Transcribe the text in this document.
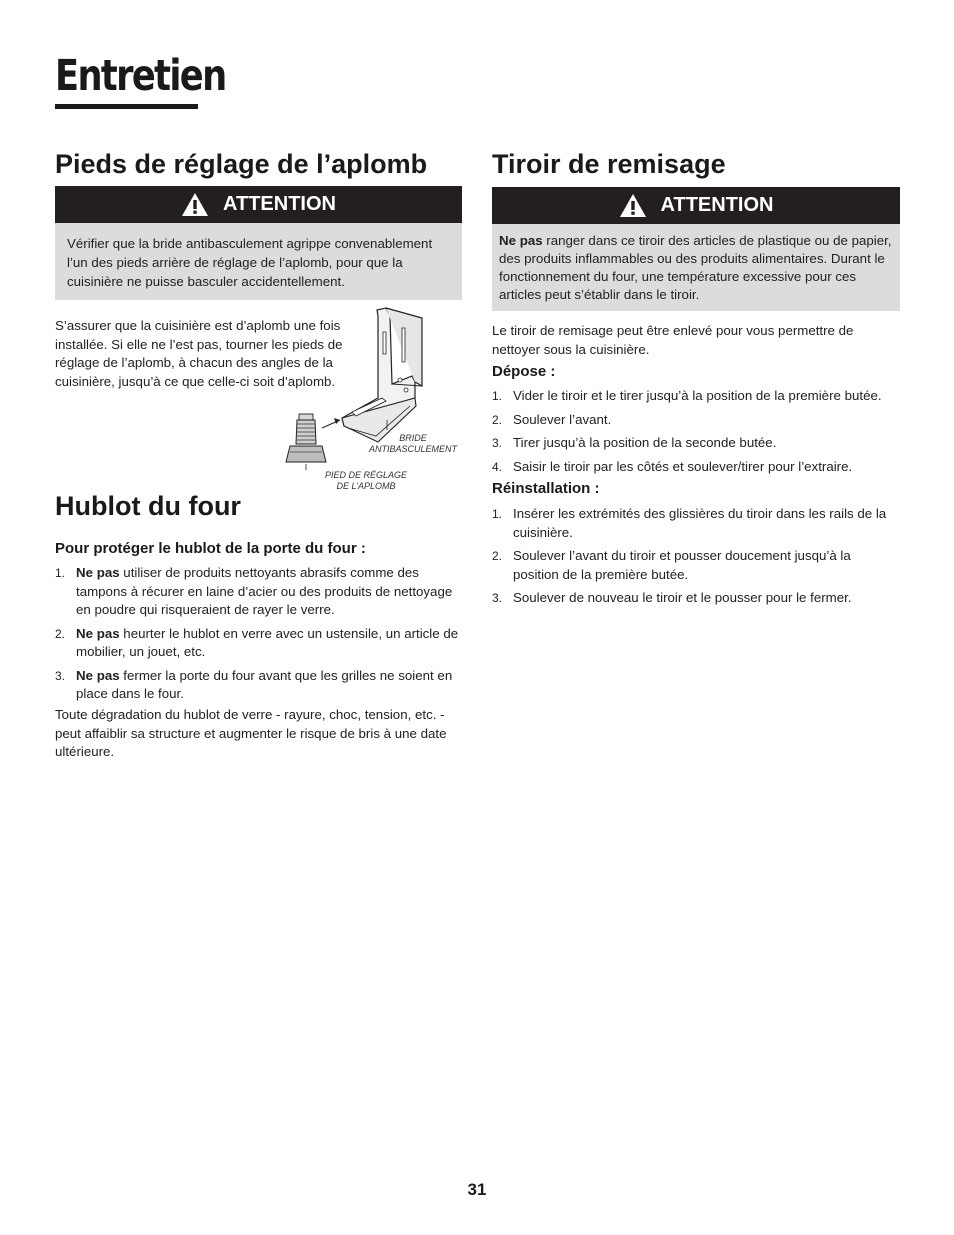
Entretien
Pieds de réglage de l’aplomb
ATTENTION
Vérifier que la bride antibasculement agrippe convenablement l’un des pieds arrière de réglage de l’aplomb, pour que la cuisinière ne puisse basculer accidentellement.

S’assurer que la cuisinière est d’aplomb une fois installée. Si elle ne l’est pas, tourner les pieds de réglage de l’aplomb, à chacun des angles de la cuisinière, jusqu’à ce que celle-ci soit d’aplomb.

BRIDE
ANTIBASCULEMENT
PIED DE RÉGLAGE
DE L’APLOMB
Hublot du four
Pour protéger le hublot de la porte du four :
1. Ne pas utiliser de produits nettoyants abrasifs comme des tampons à récurer en laine d’acier ou des produits de nettoyage en poudre qui risqueraient de rayer le verre.
2. Ne pas heurter le hublot en verre avec un ustensile, un article de mobilier, un jouet, etc.
3. Ne pas fermer la porte du four avant que les grilles ne soient en place dans le four.

Toute dégradation du hublot de verre - rayure, choc, tension, etc. - peut affaiblir sa structure et augmenter le risque de bris à une date ultérieure.

Tiroir de remisage
ATTENTION
Ne pas ranger dans ce tiroir des articles de plastique ou de papier, des produits inflammables ou des produits alimentaires. Durant le fonctionnement du four, une température excessive pour ces articles peut s’établir dans le tiroir.

Le tiroir de remisage peut être enlevé pour vous permettre de nettoyer sous la cuisinière.

Dépose :
1. Vider le tiroir et le tirer jusqu’à la position de la première butée.
2. Soulever l’avant.
3. Tirer jusqu’à la position de la seconde butée.
4. Saisir le tiroir par les côtés et soulever/tirer pour l’extraire.
Réinstallation :
1. Insérer les extrémités des glissières du tiroir dans les rails de la cuisinière.
2. Soulever l’avant du tiroir et pousser doucement jusqu’à la position de la première butée.
3. Soulever de nouveau le tiroir et le pousser pour le fermer.
31
